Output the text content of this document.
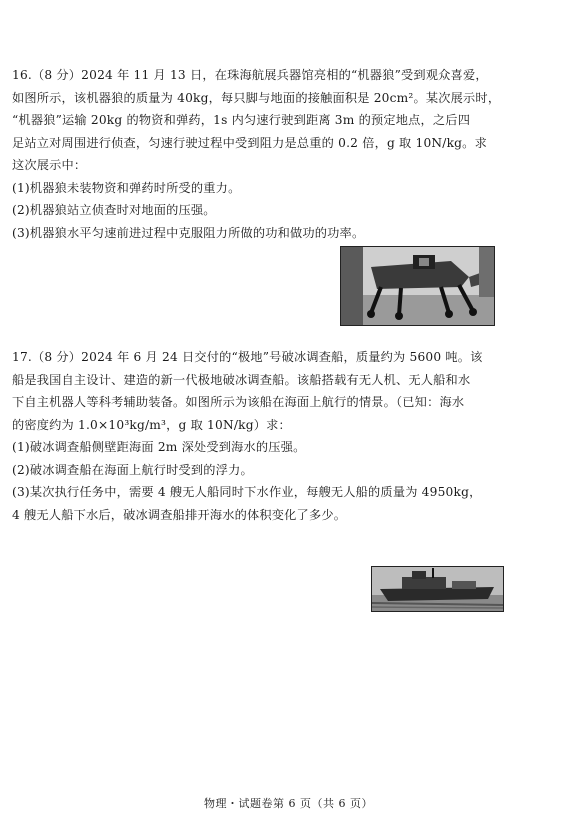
16.（8 分）2024 年 11 月 13 日，在珠海航展兵器馆亮相的“机器狼”受到观众喜爱，
如图所示，该机器狼的质量为 40kg，每只脚与地面的接触面积是 20cm²。某次展示时，
“机器狼”运输 20kg 的物资和弹药，1s 内匀速行驶到距离 3m 的预定地点，之后四
足站立对周围进行侦查，匀速行驶过程中受到阻力是总重的 0.2 倍，g 取 10N/kg。求
这次展示中：
(1)机器狼未装物资和弹药时所受的重力。
(2)机器狼站立侦查时对地面的压强。
(3)机器狼水平匀速前进过程中克服阻力所做的功和做功的功率。
17.（8 分）2024 年 6 月 24 日交付的“极地”号破冰调查船，质量约为 5600 吨。该
船是我国自主设计、建造的新一代极地破冰调查船。该船搭载有无人机、无人船和水
下自主机器人等科考辅助装备。如图所示为该船在海面上航行的情景。（已知：海水
的密度约为 1.0×10³kg/m³，g 取 10N/kg）求：
(1)破冰调查船侧壁距海面 2m 深处受到海水的压强。
(2)破冰调查船在海面上航行时受到的浮力。
(3)某次执行任务中，需要 4 艘无人船同时下水作业，每艘无人船的质量为 4950kg，
4 艘无人船下水后，破冰调查船排开海水的体积变化了多少。
物理・试题卷第 6 页（共 6 页）
